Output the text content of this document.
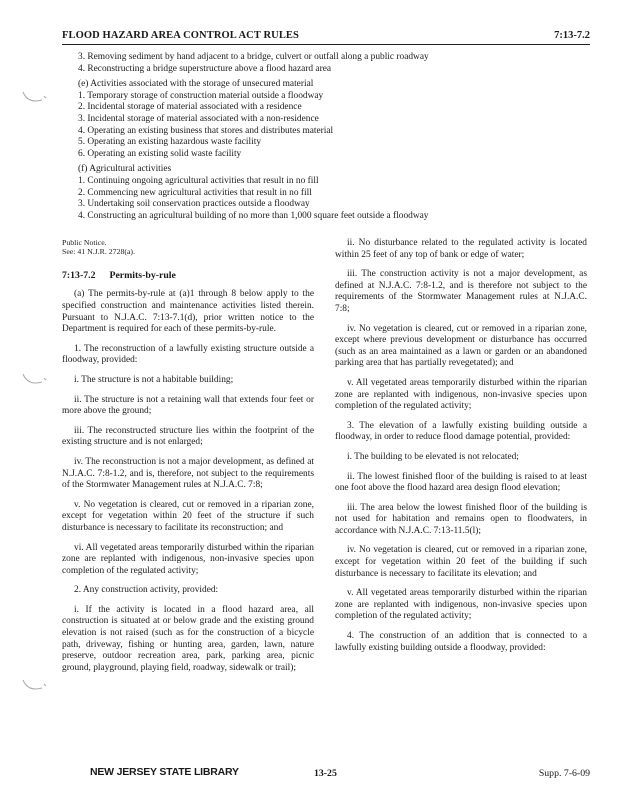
FLOOD HAZARD AREA CONTROL ACT RULES	7:13-7.2
3. Removing sediment by hand adjacent to a bridge, culvert or outfall along a public roadway
4. Reconstructing a bridge superstructure above a flood hazard area
(e) Activities associated with the storage of unsecured material
1. Temporary storage of construction material outside a floodway
2. Incidental storage of material associated with a residence
3. Incidental storage of material associated with a non-residence
4. Operating an existing business that stores and distributes material
5. Operating an existing hazardous waste facility
6. Operating an existing solid waste facility
(f) Agricultural activities
1. Continuing ongoing agricultural activities that result in no fill
2. Commencing new agricultural activities that result in no fill
3. Undertaking soil conservation practices outside a floodway
4. Constructing an agricultural building of no more than 1,000 square feet outside a floodway
Public Notice.
See: 41 N.J.R. 2728(a).
7:13-7.2 Permits-by-rule

(a) The permits-by-rule at (a)1 through 8 below apply to the specified construction and maintenance activities listed therein. Pursuant to N.J.A.C. 7:13-7.1(d), prior written notice to the Department is required for each of these permits-by-rule.

1. The reconstruction of a lawfully existing structure outside a floodway, provided:

i. The structure is not a habitable building;

ii. The structure is not a retaining wall that extends four feet or more above the ground;

iii. The reconstructed structure lies within the footprint of the existing structure and is not enlarged;

iv. The reconstruction is not a major development, as defined at N.J.A.C. 7:8-1.2, and is, therefore, not subject to the requirements of the Stormwater Management rules at N.J.A.C. 7:8;

v. No vegetation is cleared, cut or removed in a riparian zone, except for vegetation within 20 feet of the structure if such disturbance is necessary to facilitate its reconstruction; and

vi. All vegetated areas temporarily disturbed within the riparian zone are replanted with indigenous, non-invasive species upon completion of the regulated activity;

2. Any construction activity, provided:

i. If the activity is located in a flood hazard area, all construction is situated at or below grade and the existing ground elevation is not raised (such as for the construction of a bicycle path, driveway, fishing or hunting area, garden, lawn, nature preserve, outdoor recreation area, park, parking area, picnic ground, playground, playing field, roadway, sidewalk or trail);

ii. No disturbance related to the regulated activity is located within 25 feet of any top of bank or edge of water;

iii. The construction activity is not a major development, as defined at N.J.A.C. 7:8-1.2, and is therefore not subject to the requirements of the Stormwater Management rules at N.J.A.C. 7:8;

iv. No vegetation is cleared, cut or removed in a riparian zone, except where previous development or disturbance has occurred (such as an area maintained as a lawn or garden or an abandoned parking area that has partially revegetated); and

v. All vegetated areas temporarily disturbed within the riparian zone are replanted with indigenous, non-invasive species upon completion of the regulated activity;

3. The elevation of a lawfully existing building outside a floodway, in order to reduce flood damage potential, provided:

i. The building to be elevated is not relocated;

ii. The lowest finished floor of the building is raised to at least one foot above the flood hazard area design flood elevation;

iii. The area below the lowest finished floor of the building is not used for habitation and remains open to floodwaters, in accordance with N.J.A.C. 7:13-11.5(l);

iv. No vegetation is cleared, cut or removed in a riparian zone, except for vegetation within 20 feet of the building if such disturbance is necessary to facilitate its elevation; and

v. All vegetated areas temporarily disturbed within the riparian zone are replanted with indigenous, non-invasive species upon completion of the regulated activity;

4. The construction of an addition that is connected to a lawfully existing building outside a floodway, provided:

NEW JERSEY STATE LIBRARY	13-25	Supp. 7-6-09
